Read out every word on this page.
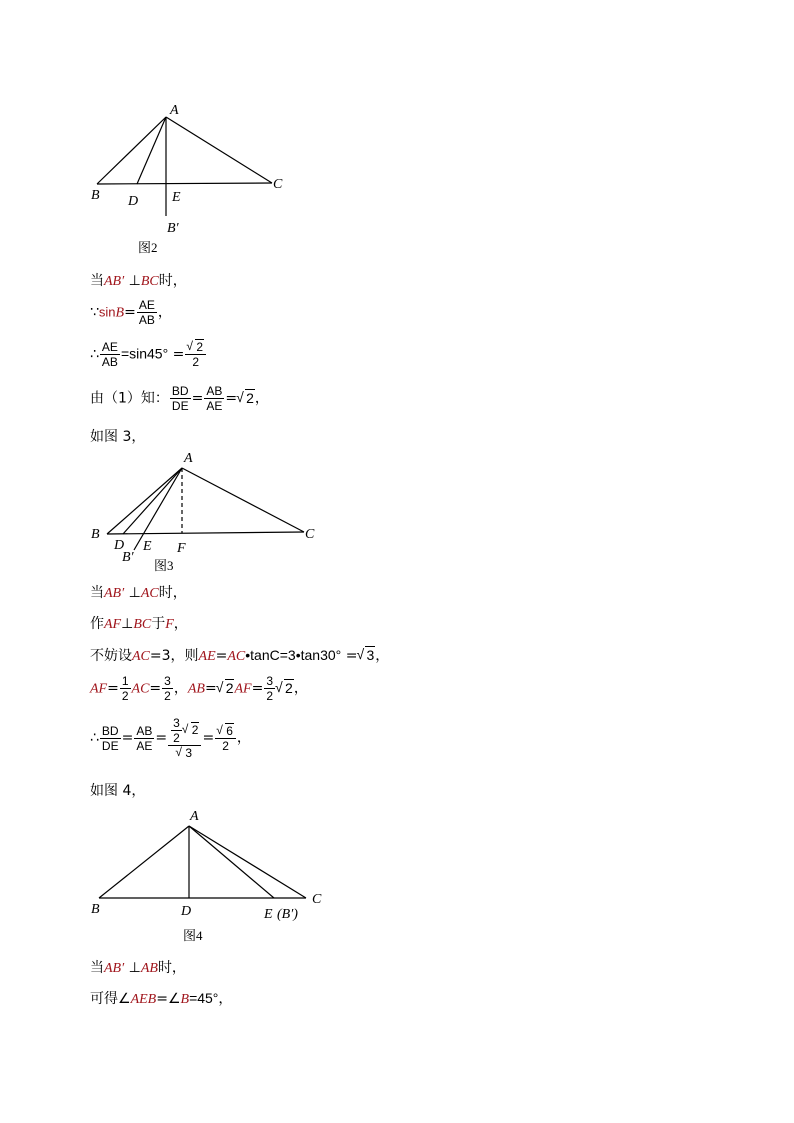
A
B
C
D E
B′
图2
A
B	C
D E F
B′
图3
A
B
C
D	E (B′)
图4
当AB′ ⊥BC时，
∵sinB= $\frac{AE}{AB}$ ，
∴ $\frac{AE}{AB} =\sin 45^\circ$ = √ $\frac{2}{2}$
由（1）知： $\frac{BD}{DE} = \frac{AB}{AE}$ = √ 2，
如图 3，
当AB′ ⊥AC时，
作AF⊥BC于F，
不妨设AC=3，则AE=AC•tanC=3•tan30° = √ 3，
$AF= \frac{1}{2} AC= \frac{3}{2}$ ，AB= √ $2AF= \frac{3}{2}$ √ 2，
∴ $\frac{BD}{DE} = \frac{AB}{AE} = \frac{3}{2}$ √ 2
√ 3 = √ $\frac{6}{2}$ ，
如图 4，
当AB′ ⊥AB时，
可得∠AEB=∠B=45°，
